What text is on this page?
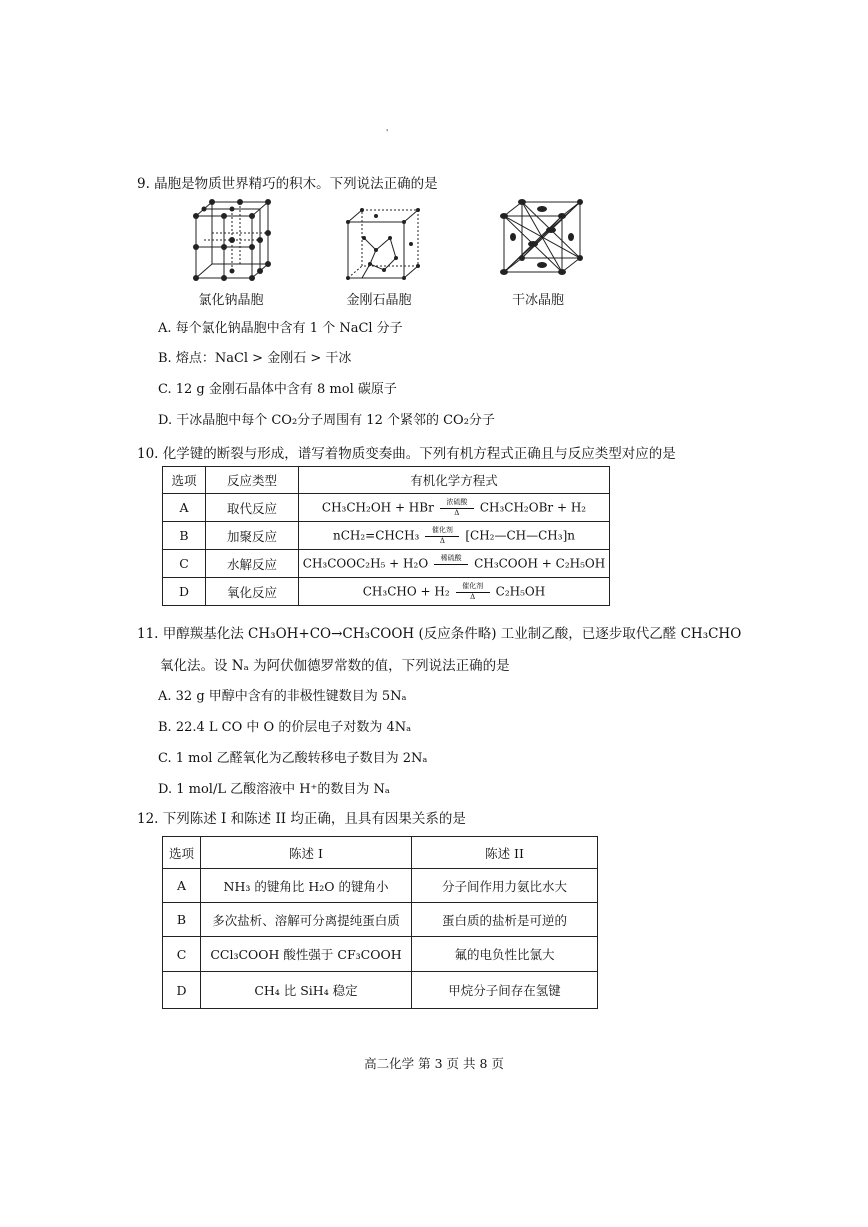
'
9. 晶胞是物质世界精巧的积木。下列说法正确的是
氯化钠晶胞	金刚石晶胞	干冰晶胞
A. 每个氯化钠晶胞中含有 1 个 NaCl 分子
B. 熔点：NaCl > 金刚石 > 干冰
C. 12 g 金刚石晶体中含有 8 mol 碳原子
D. 干冰晶胞中每个 CO₂分子周围有 12 个紧邻的 CO₂分子
10. 化学键的断裂与形成，谱写着物质变奏曲。下列有机方程式正确且与反应类型对应的是
选项	反应类型	有机化学方程式
A	取代反应	CH₃CH₂OH + HBr 浓硫酸
Δ CH₃CH₂OBr + H₂
B	加聚反应	nCH₂=CHCH₃ 催化剂
Δ [CH₂—CH—CH₃]n
C	水解反应	CH₃COOC₂H₅ + H₂O 稀硫酸 CH₃COOH + C₂H₅OH
D	氧化反应	CH₃CHO + H₂ 催化剂
Δ C₂H₅OH
11. 甲醇羰基化法 CH₃OH+CO→CH₃COOH (反应条件略) 工业制乙酸，已逐步取代乙醛 CH₃CHO
氧化法。设 Nₐ 为阿伏伽德罗常数的值，下列说法正确的是
A. 32 g 甲醇中含有的非极性键数目为 5Nₐ
B. 22.4 L CO 中 O 的价层电子对数为 4Nₐ
C. 1 mol 乙醛氧化为乙酸转移电子数目为 2Nₐ
D. 1 mol/L 乙酸溶液中 H⁺的数目为 Nₐ
12. 下列陈述 I 和陈述 II 均正确，且具有因果关系的是
选项	陈述 I	陈述 II
A	NH₃ 的键角比 H₂O 的键角小	分子间作用力氨比水大
B	多次盐析、溶解可分离提纯蛋白质	蛋白质的盐析是可逆的
C	CCl₃COOH 酸性强于 CF₃COOH	氟的电负性比氯大
D	CH₄ 比 SiH₄ 稳定	甲烷分子间存在氢键
高二化学 第 3 页 共 8 页
